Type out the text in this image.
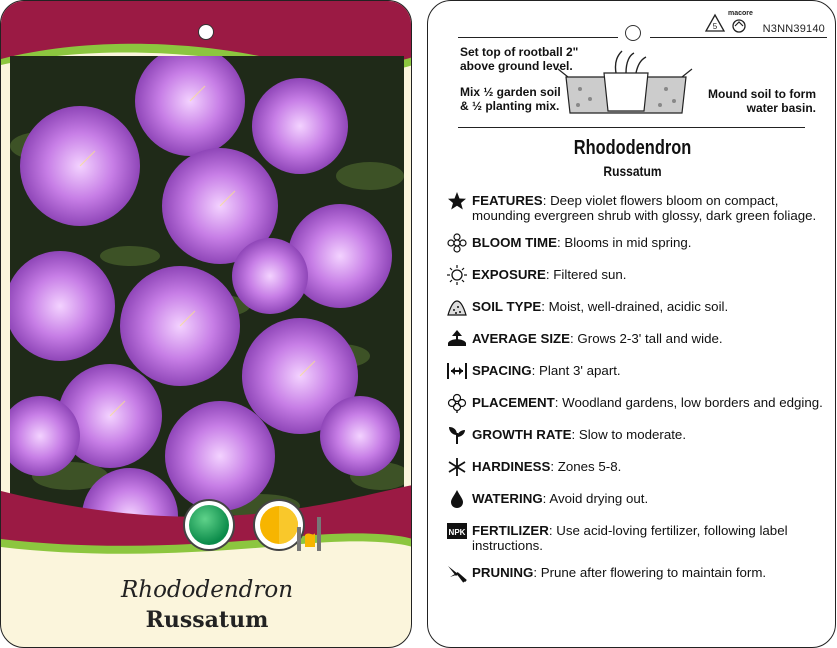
Rhododendron
Russatum
5
macore
N3NN39140
Set top of rootball 2"
above ground level.
Mix ½ garden soil
& ½ planting mix.
Mound soil to form
water basin.
Rhododendron
Russatum
FEATURES: Deep violet flowers bloom on compact, mounding evergreen shrub with glossy, dark green foliage.
BLOOM TIME: Blooms in mid spring.
EXPOSURE: Filtered sun.
SOIL TYPE: Moist, well-drained, acidic soil.
AVERAGE SIZE: Grows 2-3' tall and wide.
SPACING: Plant 3' apart.
PLACEMENT: Woodland gardens, low borders and edging.
GROWTH RATE: Slow to moderate.
HARDINESS: Zones 5-8.
WATERING: Avoid drying out.
NPK FERTILIZER: Use acid-loving fertilizer, following label instructions.
PRUNING: Prune after flowering to maintain form.
